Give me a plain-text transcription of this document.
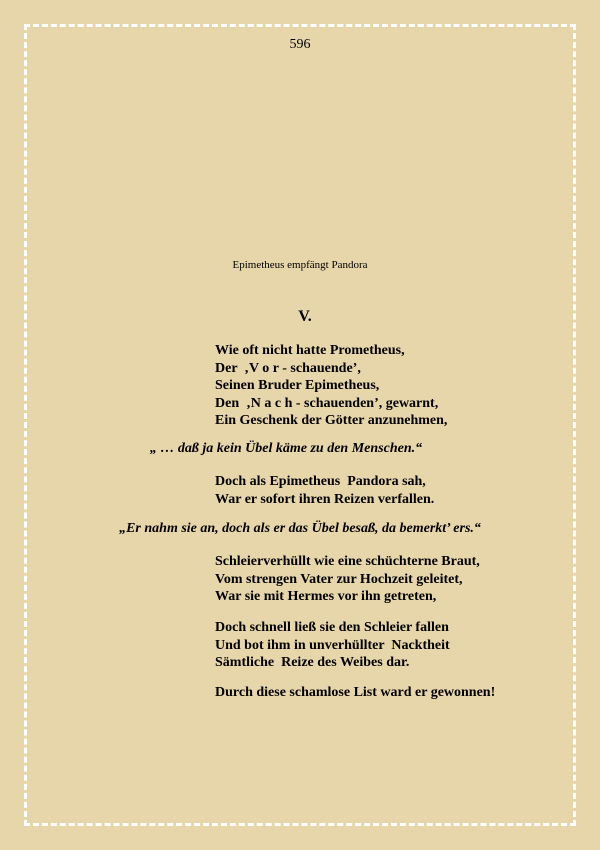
596
Epimetheus empfängt Pandora
V.
Wie oft nicht hatte Prometheus,
Der  ‚V o r - schauende’,
Seinen Bruder Epimetheus,
Den  ‚N a c h - schauenden’, gewarnt,
Ein Geschenk der Götter anzunehmen,
„ … daß ja kein Übel käme zu den Menschen.“
Doch als Epimetheus  Pandora sah,
War er sofort ihren Reizen verfallen.
„Er nahm sie an, doch als er das Übel besaß, da bemerkt’ ers.“
Schleierverhüllt wie eine schüchterne Braut,
Vom strengen Vater zur Hochzeit geleitet,
War sie mit Hermes vor ihn getreten,
Doch schnell ließ sie den Schleier fallen
Und bot ihm in unverhüllter  Nacktheit
Sämtliche  Reize des Weibes dar.
Durch diese schamlose List ward er gewonnen!
